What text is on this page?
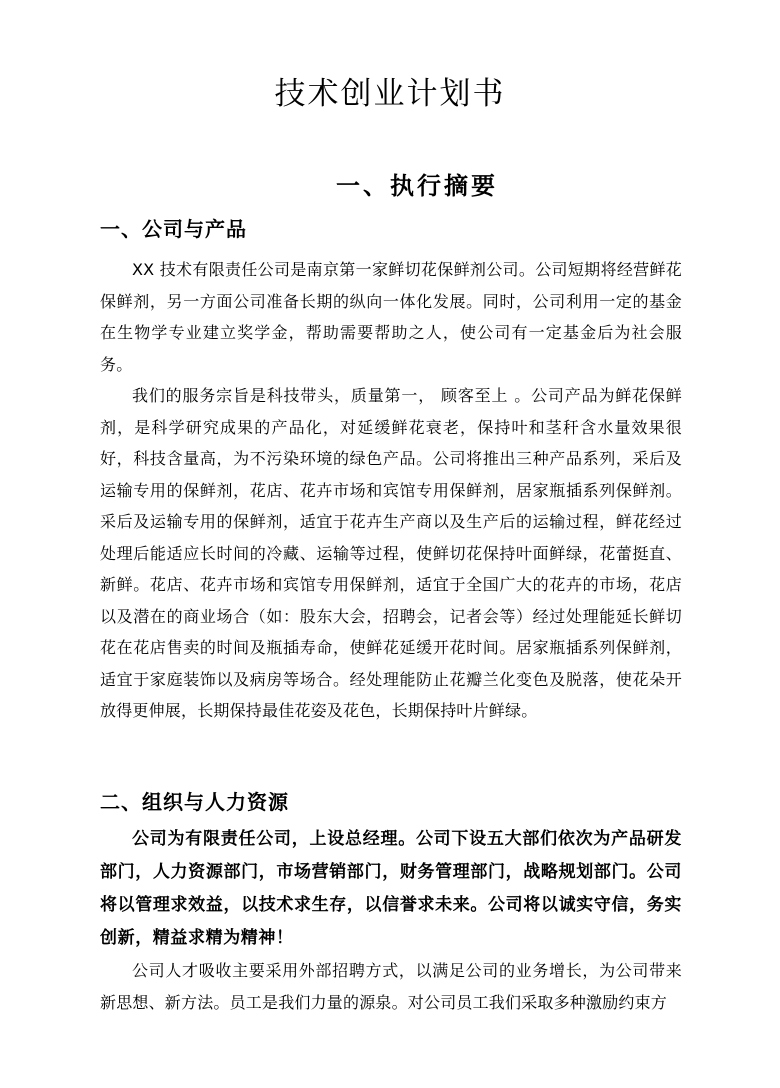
技术创业计划书
一、执行摘要
一、公司与产品

XX 技术有限责任公司是南京第一家鲜切花保鲜剂公司。公司短期将经营鲜花保鲜剂，另一方面公司准备长期的纵向一体化发展。同时，公司利用一定的基金在生物学专业建立奖学金，帮助需要帮助之人，使公司有一定基金后为社会服务。

我们的服务宗旨是科技带头，质量第一， 顾客至上 。公司产品为鲜花保鲜剂，是科学研究成果的产品化，对延缓鲜花衰老，保持叶和茎秆含水量效果很好，科技含量高，为不污染环境的绿色产品。公司将推出三种产品系列，采后及运输专用的保鲜剂，花店、花卉市场和宾馆专用保鲜剂，居家瓶插系列保鲜剂。采后及运输专用的保鲜剂，适宜于花卉生产商以及生产后的运输过程，鲜花经过处理后能适应长时间的冷藏、运输等过程，使鲜切花保持叶面鲜绿，花蕾挺直、新鲜。花店、花卉市场和宾馆专用保鲜剂，适宜于全国广大的花卉的市场，花店以及潜在的商业场合（如：股东大会，招聘会，记者会等）经过处理能延长鲜切花在花店售卖的时间及瓶插寿命，使鲜花延缓开花时间。居家瓶插系列保鲜剂，适宜于家庭装饰以及病房等场合。经处理能防止花瓣兰化变色及脱落，使花朵开放得更伸展，长期保持最佳花姿及花色，长期保持叶片鲜绿。

二、组织与人力资源

公司为有限责任公司，上设总经理。公司下设五大部们依次为产品研发部门，人力资源部门，市场营销部门，财务管理部门，战略规划部门。公司将以管理求效益，以技术求生存，以信誉求未来。公司将以诚实守信，务实创新，精益求精为精神！

公司人才吸收主要采用外部招聘方式，以满足公司的业务增长，为公司带来新思想、新方法。员工是我们力量的源泉。对公司员工我们采取多种激励约束方
